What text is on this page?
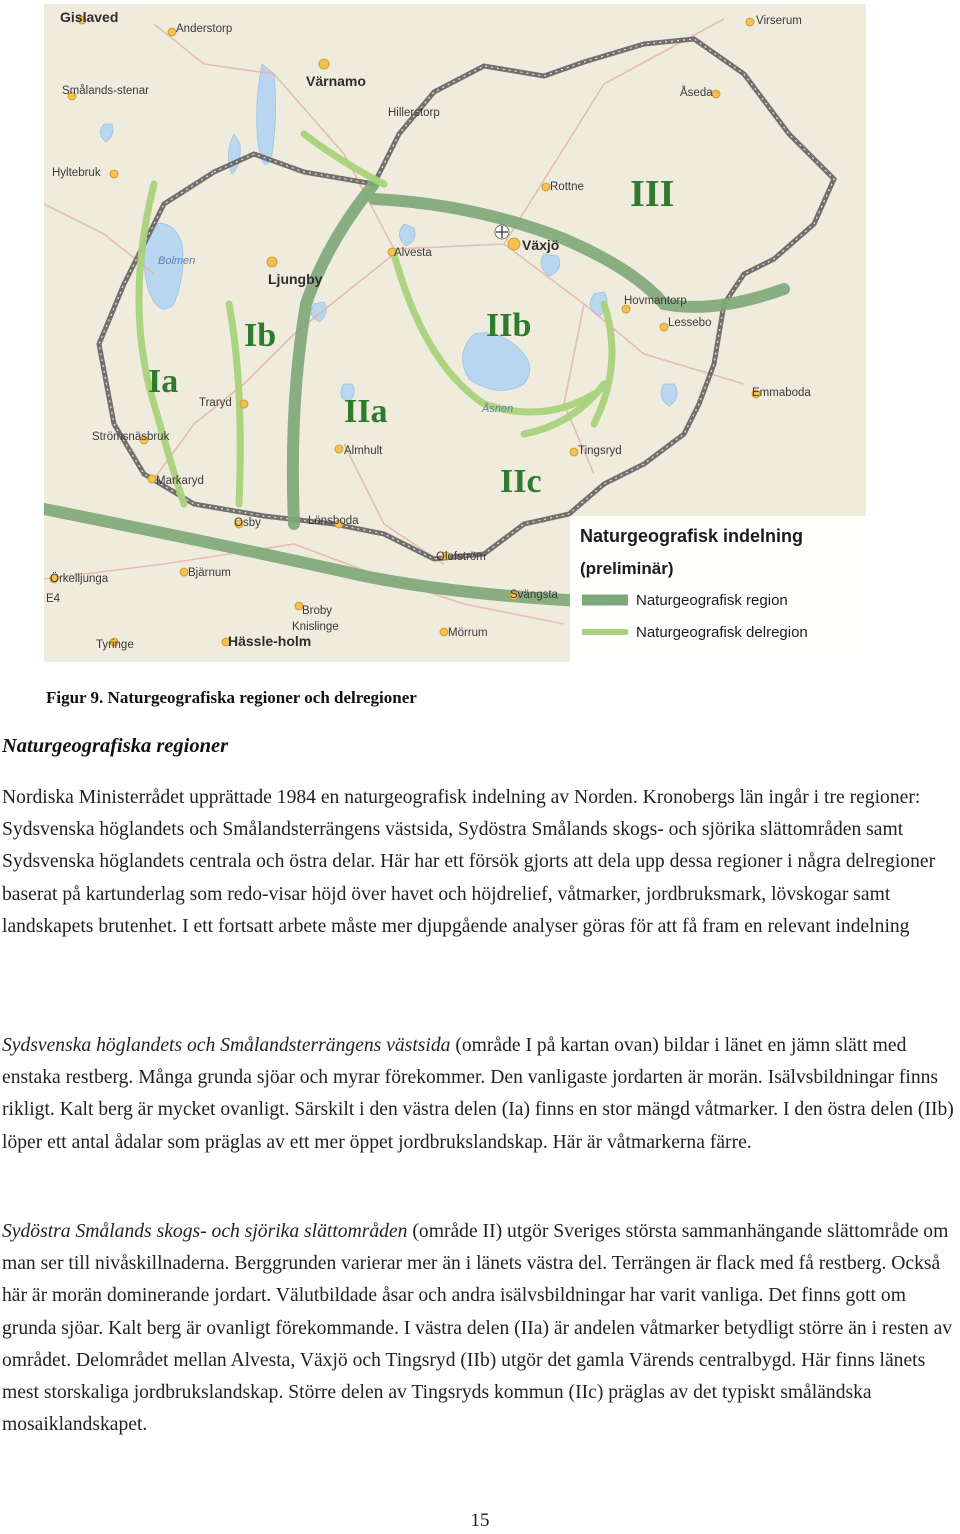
Gislaved
Anderstorp
Värnamo
Hillerstorp
Smålands-stenar
Hyltebruk
Bolmen
Ljungby
Traryd
Strömsnäsbruk
Markaryd
Almhult
Alvesta	Växjö
Rottne
Virserum
Åseda
Hovmantorp
Lessebo
Emmaboda
Tingsryd
Åsnen
Lönsboda
Osby
Olofström
Svängsta
Mörrum
Broby
Knislinge
Bjärnum
Örkelljunga
Tyringe	Hässle-holm
E4
Ia
Ib
IIa
IIb
IIc
III
Naturgeografisk indelning
(preliminär)
Naturgeografisk region
Naturgeografisk delregion
Figur 9. Naturgeografiska regioner och delregioner
Naturgeografiska regioner
Nordiska Ministerrådet upprättade 1984 en naturgeografisk indelning av Norden. Kronobergs län ingår i tre regioner: Sydsvenska höglandets och Smålandsterrängens västsida, Sydöstra Smålands skogs- och sjörika slättområden samt Sydsvenska höglandets centrala och östra delar. Här har ett försök gjorts att dela upp dessa regioner i några delregioner baserat på kartunderlag som redo-visar höjd över havet och höjdrelief, våtmarker, jordbruksmark, lövskogar samt landskapets brutenhet. I ett fortsatt arbete måste mer djupgående analyser göras för att få fram en relevant indelning
Sydsvenska höglandets och Smålandsterrängens västsida (område I på kartan ovan) bildar i länet en jämn slätt med enstaka restberg. Många grunda sjöar och myrar förekommer. Den vanligaste jordarten är morän. Isälvsbildningar finns rikligt. Kalt berg är mycket ovanligt. Särskilt i den västra delen (Ia) finns en stor mängd våtmarker. I den östra delen (IIb) löper ett antal ådalar som präglas av ett mer öppet jordbrukslandskap. Här är våtmarkerna färre.
Sydöstra Smålands skogs- och sjörika slättområden (område II) utgör Sveriges största sammanhängande slättområde om man ser till nivåskillnaderna. Berggrunden varierar mer än i länets västra del. Terrängen är flack med få restberg. Också här är morän dominerande jordart. Välutbildade åsar och andra isälvsbildningar har varit vanliga. Det finns gott om grunda sjöar. Kalt berg är ovanligt förekommande. I västra delen (IIa) är andelen våtmarker betydligt större än i resten av området. Delområdet mellan Alvesta, Växjö och Tingsryd (IIb) utgör det gamla Värends centralbygd. Här finns länets mest storskaliga jordbrukslandskap. Större delen av Tingsryds kommun (IIc) präglas av det typiskt småländska mosaiklandskapet.
15
